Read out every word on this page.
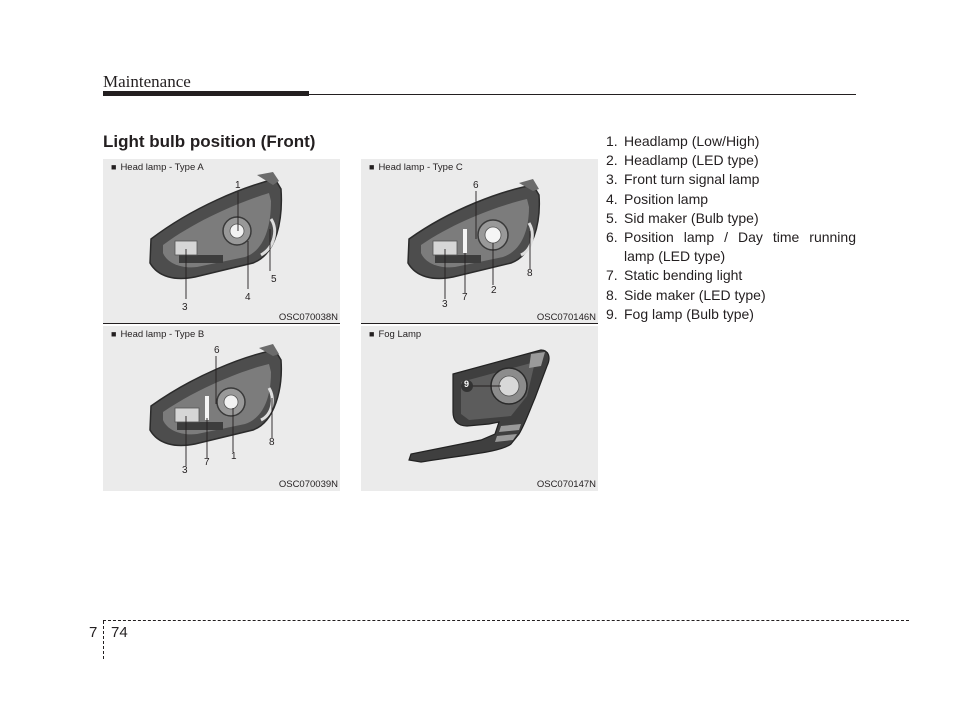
Maintenance
Light bulb position (Front)
■ Head lamp - Type A
1
5
4
3
OSC070038N
■ Head lamp - Type B
6
8
1
7
3
OSC070039N
■ Head lamp - Type C
6
8
2
7
3
OSC070146N
■ Fog Lamp
9
OSC070147N
1. Headlamp (Low/High)
2. Headlamp (LED type)
3. Front turn signal lamp
4. Position lamp
5. Sid maker (Bulb type)
6. Position lamp / Day time running lamp (LED type)
7. Static bending light
8. Side maker (LED type)
9. Fog lamp (Bulb type)
7 74
